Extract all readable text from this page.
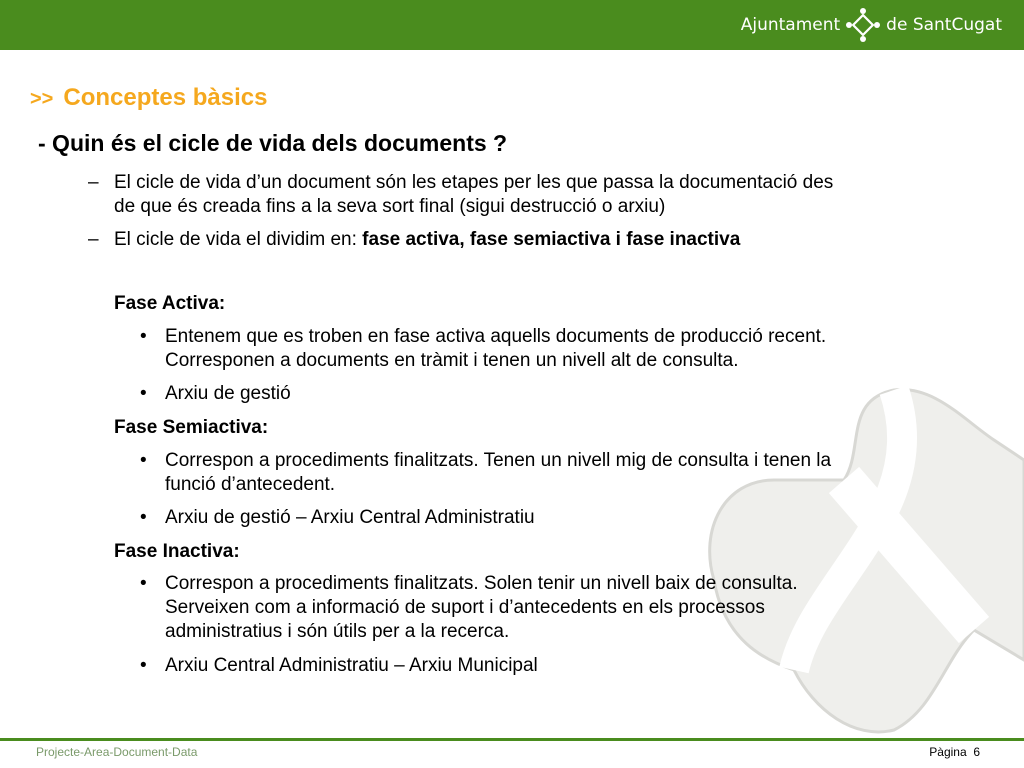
Ajuntament	de SantCugat
>> Conceptes bàsics
- Quin és el cicle de vida dels documents ?
– El cicle de vida d’un document són les etapes per les que passa la documentació des
de que és creada fins a la seva sort final (sigui destrucció o arxiu)
– El cicle de vida el dividim en: fase activa, fase semiactiva i fase inactiva
Fase Activa:
• Entenem que es troben en fase activa aquells documents de producció recent.
Corresponen a documents en tràmit i tenen un nivell alt de consulta.
• Arxiu de gestió
Fase Semiactiva:
• Correspon a procediments finalitzats. Tenen un nivell mig de consulta i tenen la
funció d’antecedent.
• Arxiu de gestió – Arxiu Central Administratiu
Fase Inactiva:
• Correspon a procediments finalitzats. Solen tenir un nivell baix de consulta.
Serveixen com a informació de suport i d’antecedents en els processos
administratius i són útils per a la recerca.
• Arxiu Central Administratiu – Arxiu Municipal
Projecte-Area-Document-Data	Pàgina 6
